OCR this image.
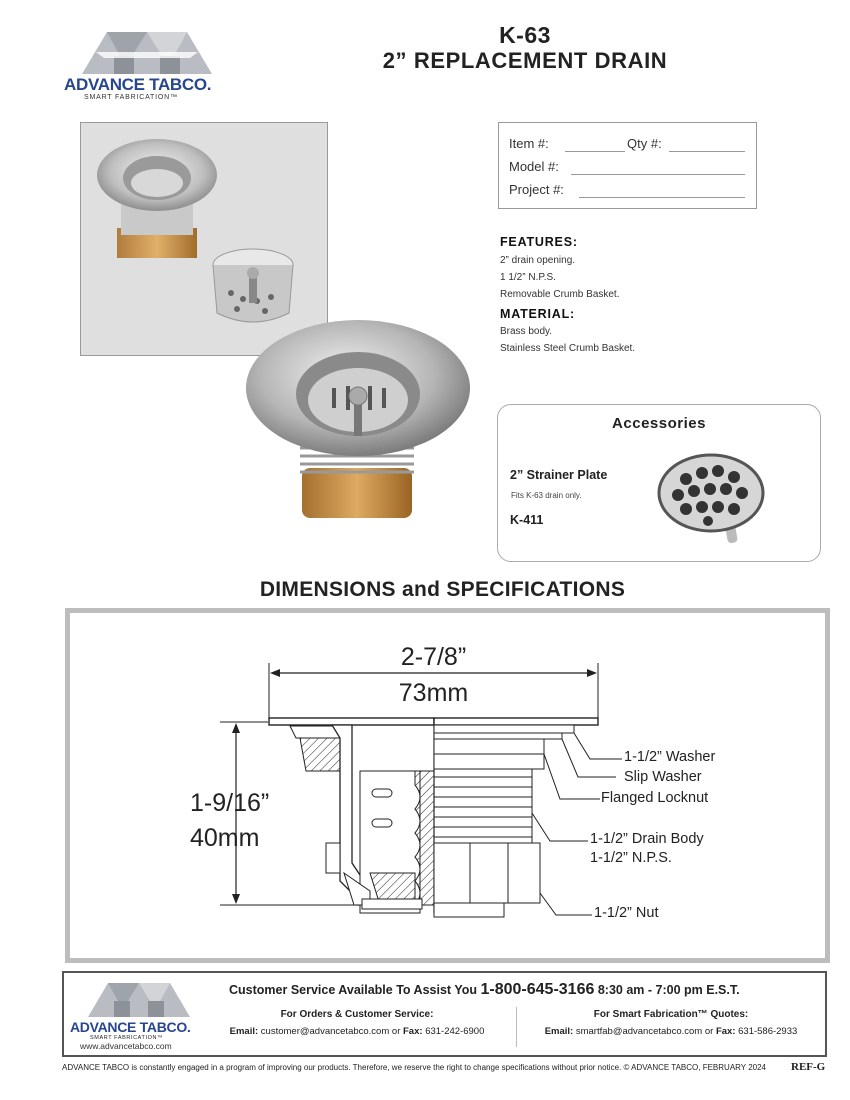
ADVANCE TABCO.
SMART FABRICATION™
K-63
2” REPLACEMENT DRAIN
Item #:	Qty #:
Model #:
Project #:
FEATURES:
2” drain opening.
1 1/2” N.P.S.
Removable Crumb Basket.
MATERIAL:
Brass body.
Stainless Steel Crumb Basket.
Accessories
2” Strainer Plate
Fits K-63 drain only.
K-411
DIMENSIONS and SPECIFICATIONS
2-7/8”
73mm
1-9/16”
40mm
1-1/2” Washer
Slip Washer
Flanged Locknut
1-1/2” Drain Body
1-1/2” N.P.S.
1-1/2” Nut
ADVANCE TABCO.
SMART FABRICATION™
www.advancetabco.com
Customer Service Available To Assist You 1-800-645-3166 8:30 am - 7:00 pm E.S.T.
For Orders & Customer Service:
Email: customer@advancetabco.com or Fax: 631-242-6900
For Smart Fabrication™ Quotes:
Email: smartfab@advancetabco.com or Fax: 631-586-2933
ADVANCE TABCO is constantly engaged in a program of improving our products. Therefore, we reserve the right to change specifications without prior notice. © ADVANCE TABCO, FEBRUARY 2024 REF-G
